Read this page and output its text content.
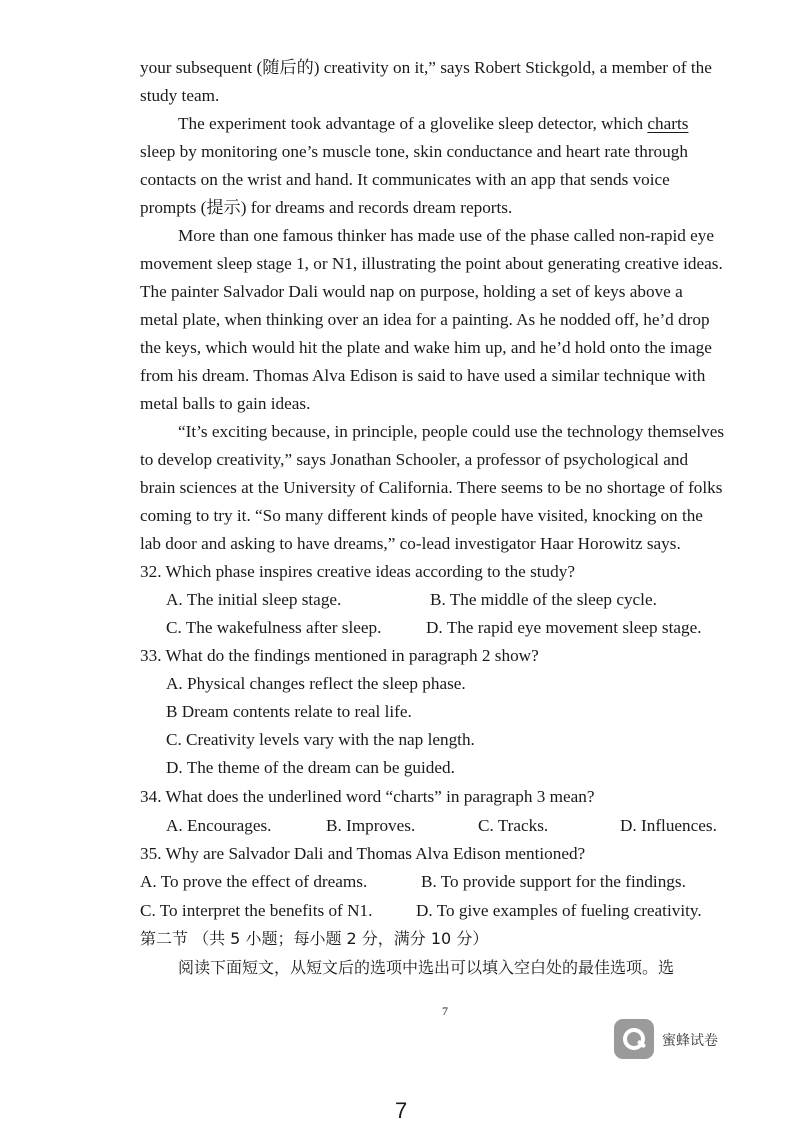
your subsequent (随后的) creativity on it,” says Robert Stickgold, a member of the
study team.
The experiment took advantage of a glovelike sleep detector, which charts
sleep by monitoring one’s muscle tone, skin conductance and heart rate through
contacts on the wrist and hand. It communicates with an app that sends voice
prompts (提示) for dreams and records dream reports.
More than one famous thinker has made use of the phase called non-rapid eye
movement sleep stage 1, or N1, illustrating the point about generating creative ideas.
The painter Salvador Dali would nap on purpose, holding a set of keys above a
metal plate, when thinking over an idea for a painting. As he nodded off, he’d drop
the keys, which would hit the plate and wake him up, and he’d hold onto the image
from his dream. Thomas Alva Edison is said to have used a similar technique with
metal balls to gain ideas.
“It’s exciting because, in principle, people could use the technology themselves
to develop creativity,” says Jonathan Schooler, a professor of psychological and
brain sciences at the University of California. There seems to be no shortage of folks
coming to try it. “So many different kinds of people have visited, knocking on the
lab door and asking to have dreams,” co-lead investigator Haar Horowitz says.
32. Which phase inspires creative ideas according to the study?
A. The initial sleep stage.	B. The middle of the sleep cycle.
C. The wakefulness after sleep.	D. The rapid eye movement sleep stage.
33. What do the findings mentioned in paragraph 2 show?
A. Physical changes reflect the sleep phase.
B Dream contents relate to real life.
C. Creativity levels vary with the nap length.
D. The theme of the dream can be guided.
34. What does the underlined word “charts” in paragraph 3 mean?
A. Encourages.	B. Improves.	C. Tracks.	D. Influences.
35. Why are Salvador Dali and Thomas Alva Edison mentioned?
A. To prove the effect of dreams.	B. To provide support for the findings.
C. To interpret the benefits of N1.	D. To give examples of fueling creativity.
第二节 （共 5 小题；每小题 2 分，满分 10 分）
阅读下面短文，从短文后的选项中选出可以填入空白处的最佳选项。选
7
蜜蜂试卷
7
